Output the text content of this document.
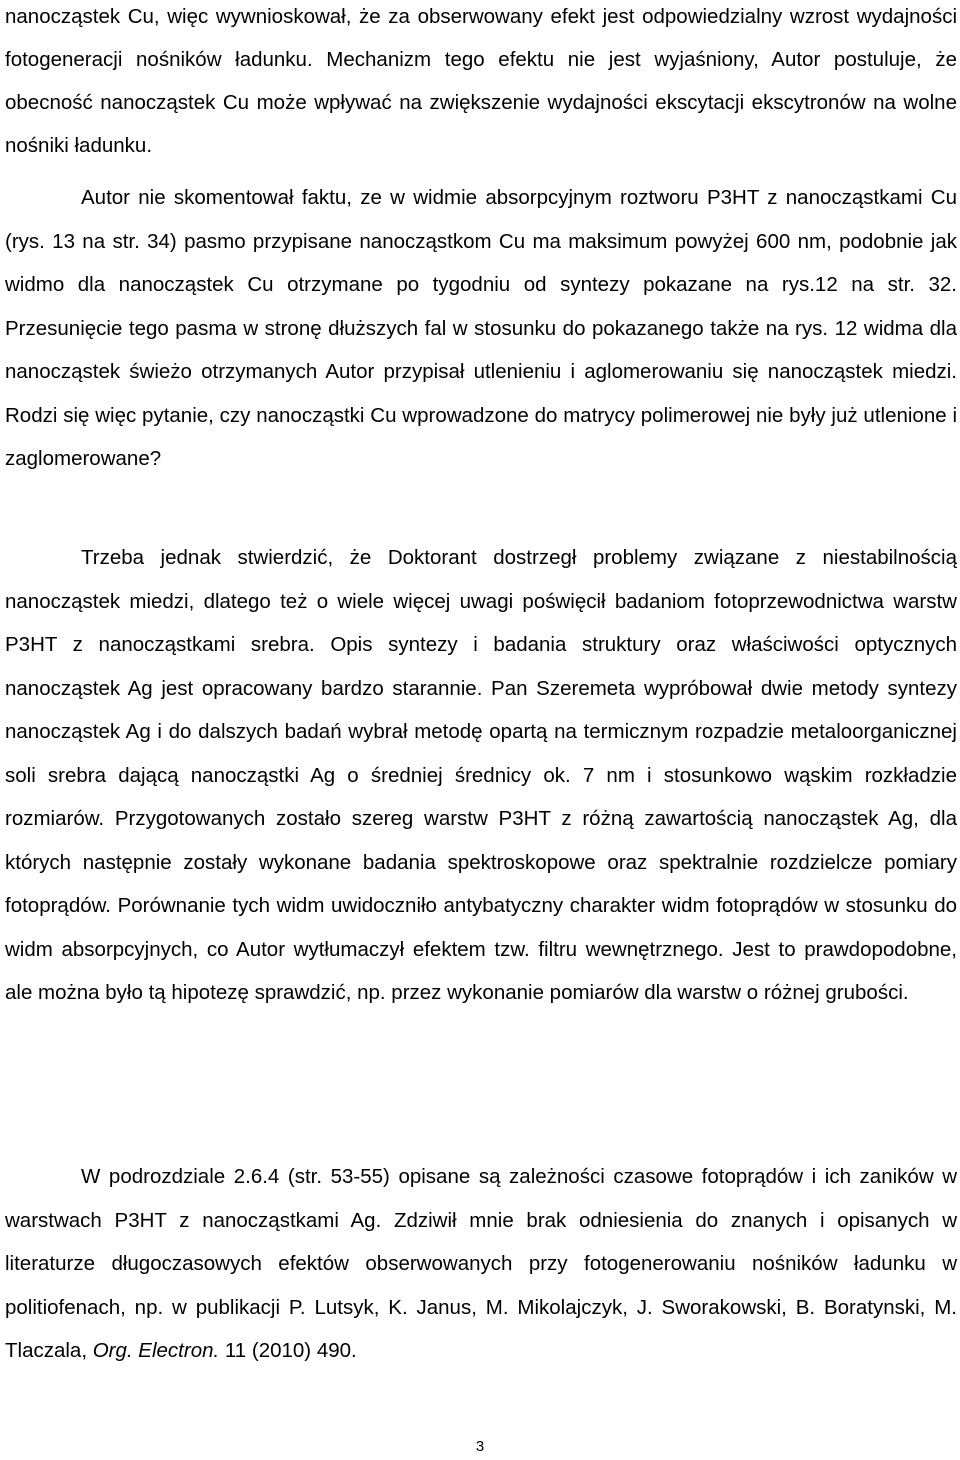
nanocząstek Cu, więc wywnioskował, że za obserwowany efekt jest odpowiedzialny wzrost wydajności fotogeneracji nośników ładunku. Mechanizm tego efektu nie jest wyjaśniony, Autor postuluje, że obecność nanocząstek Cu może wpływać na zwiększenie wydajności ekscytacji ekscytronów na wolne nośniki ładunku.

Autor nie skomentował faktu, ze w widmie absorpcyjnym roztworu P3HT z nanocząstkami Cu (rys. 13 na str. 34) pasmo przypisane nanocząstkom Cu ma maksimum powyżej 600 nm, podobnie jak widmo dla nanocząstek Cu otrzymane po tygodniu od syntezy pokazane na rys.12 na str. 32. Przesunięcie tego pasma w stronę dłuższych fal w stosunku do pokazanego także na rys. 12 widma dla nanocząstek świeżo otrzymanych Autor przypisał utlenieniu i aglomerowaniu się nanocząstek miedzi. Rodzi się więc pytanie, czy nanocząstki Cu wprowadzone do matrycy polimerowej nie były już utlenione i zaglomerowane?

Trzeba jednak stwierdzić, że Doktorant dostrzegł problemy związane z niestabilnością nanocząstek miedzi, dlatego też o wiele więcej uwagi poświęcił badaniom fotoprzewodnictwa warstw P3HT z nanocząstkami srebra. Opis syntezy i badania struktury oraz właściwości optycznych nanocząstek Ag jest opracowany bardzo starannie. Pan Szeremeta wypróbował dwie metody syntezy nanocząstek Ag i do dalszych badań wybrał metodę opartą na termicznym rozpadzie metaloorganicznej soli srebra dającą nanocząstki Ag o średniej średnicy ok. 7 nm i stosunkowo wąskim rozkładzie rozmiarów. Przygotowanych zostało szereg warstw P3HT z różną zawartością nanocząstek Ag, dla których następnie zostały wykonane badania spektroskopowe oraz spektralnie rozdzielcze pomiary fotoprądów. Porównanie tych widm uwidoczniło antybatyczny charakter widm fotoprądów w stosunku do widm absorpcyjnych, co Autor wytłumaczył efektem tzw. filtru wewnętrznego. Jest to prawdopodobne, ale można było tą hipotezę sprawdzić, np. przez wykonanie pomiarów dla warstw o różnej grubości.

W podrozdziale 2.6.4 (str. 53-55) opisane są zależności czasowe fotoprądów i ich zaników w warstwach P3HT z nanocząstkami Ag. Zdziwił mnie brak odniesienia do znanych i opisanych w literaturze długoczasowych efektów obserwowanych przy fotogenerowaniu nośników ładunku w politiofenach, np. w publikacji P. Lutsyk, K. Janus, M. Mikolajczyk, J. Sworakowski, B. Boratynski, M. Tlaczala, Org. Electron. 11 (2010) 490.

3
